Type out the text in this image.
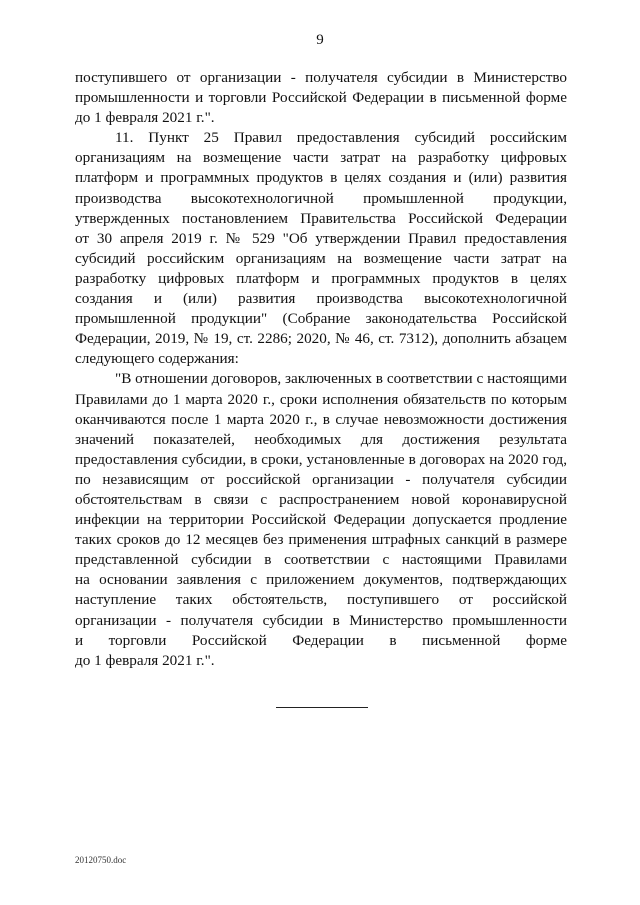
9

поступившего от организации - получателя субсидии в Министерство
промышленности и торговли Российской Федерации в письменной форме
до 1 февраля 2021 г.".

11. Пункт 25 Правил предоставления субсидий российским
организациям на возмещение части затрат на разработку цифровых
платформ и программных продуктов в целях создания и (или) развития
производства высокотехнологичной промышленной продукции,
утвержденных постановлением Правительства Российской Федерации
от 30 апреля 2019 г. № 529 "Об утверждении Правил предоставления
субсидий российским организациям на возмещение части затрат на
разработку цифровых платформ и программных продуктов в целях
создания и (или) развития производства высокотехнологичной
промышленной продукции" (Собрание законодательства Российской
Федерации, 2019, № 19, ст. 2286; 2020, № 46, ст. 7312), дополнить абзацем
следующего содержания:

"В отношении договоров, заключенных в соответствии с настоящими
Правилами до 1 марта 2020 г., сроки исполнения обязательств по которым
оканчиваются после 1 марта 2020 г., в случае невозможности достижения
значений показателей, необходимых для достижения результата
предоставления субсидии, в сроки, установленные в договорах на 2020 год,
по независящим от российской организации - получателя субсидии
обстоятельствам в связи с распространением новой коронавирусной
инфекции на территории Российской Федерации допускается продление
таких сроков до 12 месяцев без применения штрафных санкций в размере
представленной субсидии в соответствии с настоящими Правилами
на основании заявления с приложением документов, подтверждающих
наступление таких обстоятельств, поступившего от российской
организации - получателя субсидии в Министерство промышленности
и торговли Российской Федерации в письменной форме
до 1 февраля 2021 г.".

20120750.doc
